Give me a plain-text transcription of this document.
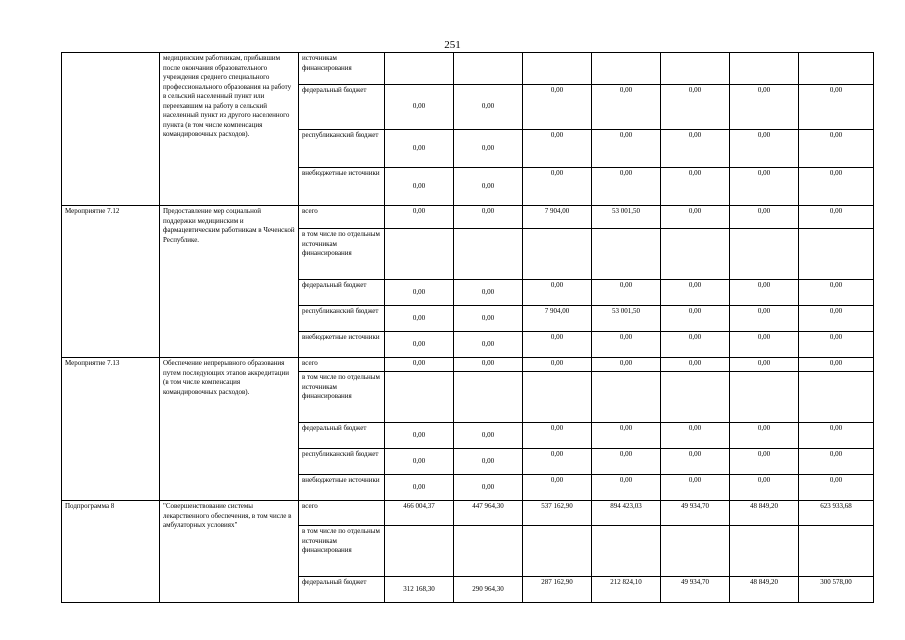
251
	медицинским работникам, прибывшим после окончания образовательного учреждения среднего специального профессионального образования на работу в сельский населенный пункт или переехавшим на работу в сельский населенный пункт из другого населенного пункта (в том числе компенсация командировочных расходов).	источникам финансирования							
		федеральный бюджет	0,00	0,00	0,00	0,00	0,00	0,00	0,00
		республиканский бюджет	0,00	0,00	0,00	0,00	0,00	0,00	0,00
		внебюджетные источники	0,00	0,00	0,00	0,00	0,00	0,00	0,00
Мероприятие 7.12	Предоставление мер социальной поддержки медицинским и фармацевтическим работникам в Чеченской Республике.	всего	0,00	0,00	7 904,00	53 001,50	0,00	0,00	0,00
		в том числе по отдельным источникам финансирования							
		федеральный бюджет	0,00	0,00	0,00	0,00	0,00	0,00	0,00
		республиканский бюджет	0,00	0,00	7 904,00	53 001,50	0,00	0,00	0,00
		внебюджетные источники	0,00	0,00	0,00	0,00	0,00	0,00	0,00
Мероприятие 7.13	Обеспечение непрерывного образования путем последующих этапов аккредитации (в том числе компенсация командировочных расходов).	всего	0,00	0,00	0,00	0,00	0,00	0,00	0,00
		в том числе по отдельным источникам финансирования							
		федеральный бюджет	0,00	0,00	0,00	0,00	0,00	0,00	0,00
		республиканский бюджет	0,00	0,00	0,00	0,00	0,00	0,00	0,00
		внебюджетные источники	0,00	0,00	0,00	0,00	0,00	0,00	0,00
Подпрограмма 8	"Совершенствование системы лекарственного обеспечения, в том числе в амбулаторных условиях"	всего	466 004,37	447 964,30	537 162,90	894 423,03	49 934,70	48 849,20	623 933,68
		в том числе по отдельным источникам финансирования							
		федеральный бюджет	312 168,30	290 964,30	287 162,90	212 824,10	49 934,70	48 849,20	300 578,00
